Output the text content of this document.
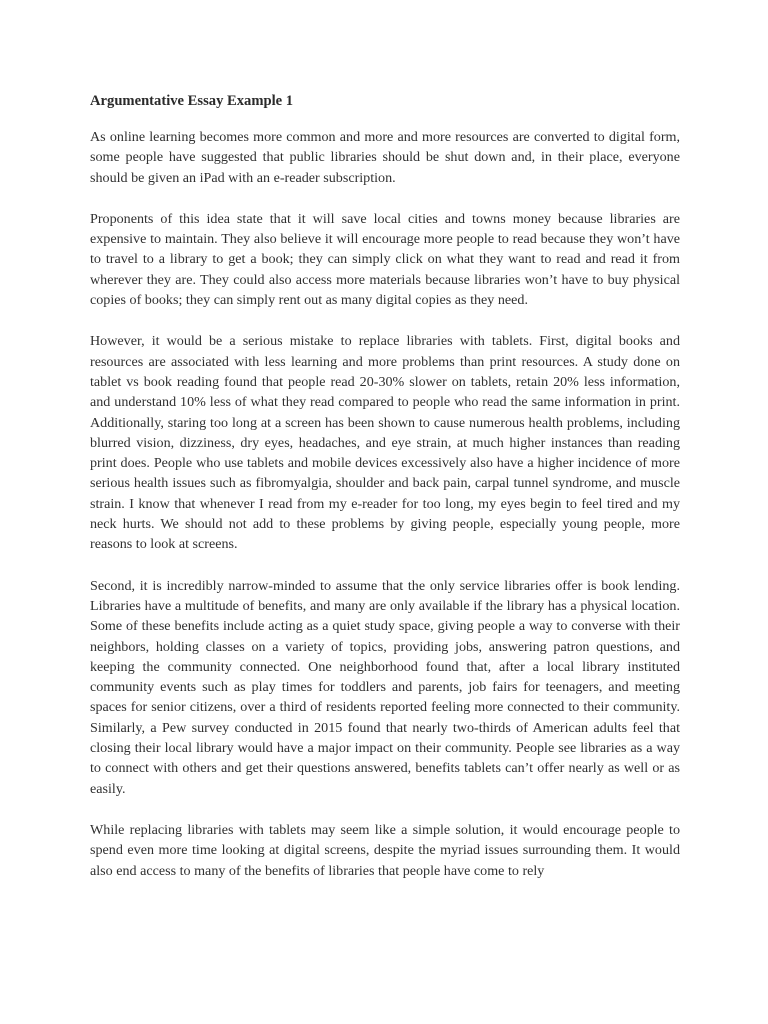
Argumentative Essay Example 1

As online learning becomes more common and more and more resources are converted to digital form, some people have suggested that public libraries should be shut down and, in their place, everyone should be given an iPad with an e-reader subscription.

Proponents of this idea state that it will save local cities and towns money because libraries are expensive to maintain. They also believe it will encourage more people to read because they won’t have to travel to a library to get a book; they can simply click on what they want to read and read it from wherever they are. They could also access more materials because libraries won’t have to buy physical copies of books; they can simply rent out as many digital copies as they need.

However, it would be a serious mistake to replace libraries with tablets. First, digital books and resources are associated with less learning and more problems than print resources. A study done on tablet vs book reading found that people read 20-30% slower on tablets, retain 20% less information, and understand 10% less of what they read compared to people who read the same information in print. Additionally, staring too long at a screen has been shown to cause numerous health problems, including blurred vision, dizziness, dry eyes, headaches, and eye strain, at much higher instances than reading print does. People who use tablets and mobile devices excessively also have a higher incidence of more serious health issues such as fibromyalgia, shoulder and back pain, carpal tunnel syndrome, and muscle strain. I know that whenever I read from my e-reader for too long, my eyes begin to feel tired and my neck hurts. We should not add to these problems by giving people, especially young people, more reasons to look at screens.

Second, it is incredibly narrow-minded to assume that the only service libraries offer is book lending. Libraries have a multitude of benefits, and many are only available if the library has a physical location. Some of these benefits include acting as a quiet study space, giving people a way to converse with their neighbors, holding classes on a variety of topics, providing jobs, answering patron questions, and keeping the community connected. One neighborhood found that, after a local library instituted community events such as play times for toddlers and parents, job fairs for teenagers, and meeting spaces for senior citizens, over a third of residents reported feeling more connected to their community. Similarly, a Pew survey conducted in 2015 found that nearly two-thirds of American adults feel that closing their local library would have a major impact on their community. People see libraries as a way to connect with others and get their questions answered, benefits tablets can’t offer nearly as well or as easily.

While replacing libraries with tablets may seem like a simple solution, it would encourage people to spend even more time looking at digital screens, despite the myriad issues surrounding them. It would also end access to many of the benefits of libraries that people have come to rely
